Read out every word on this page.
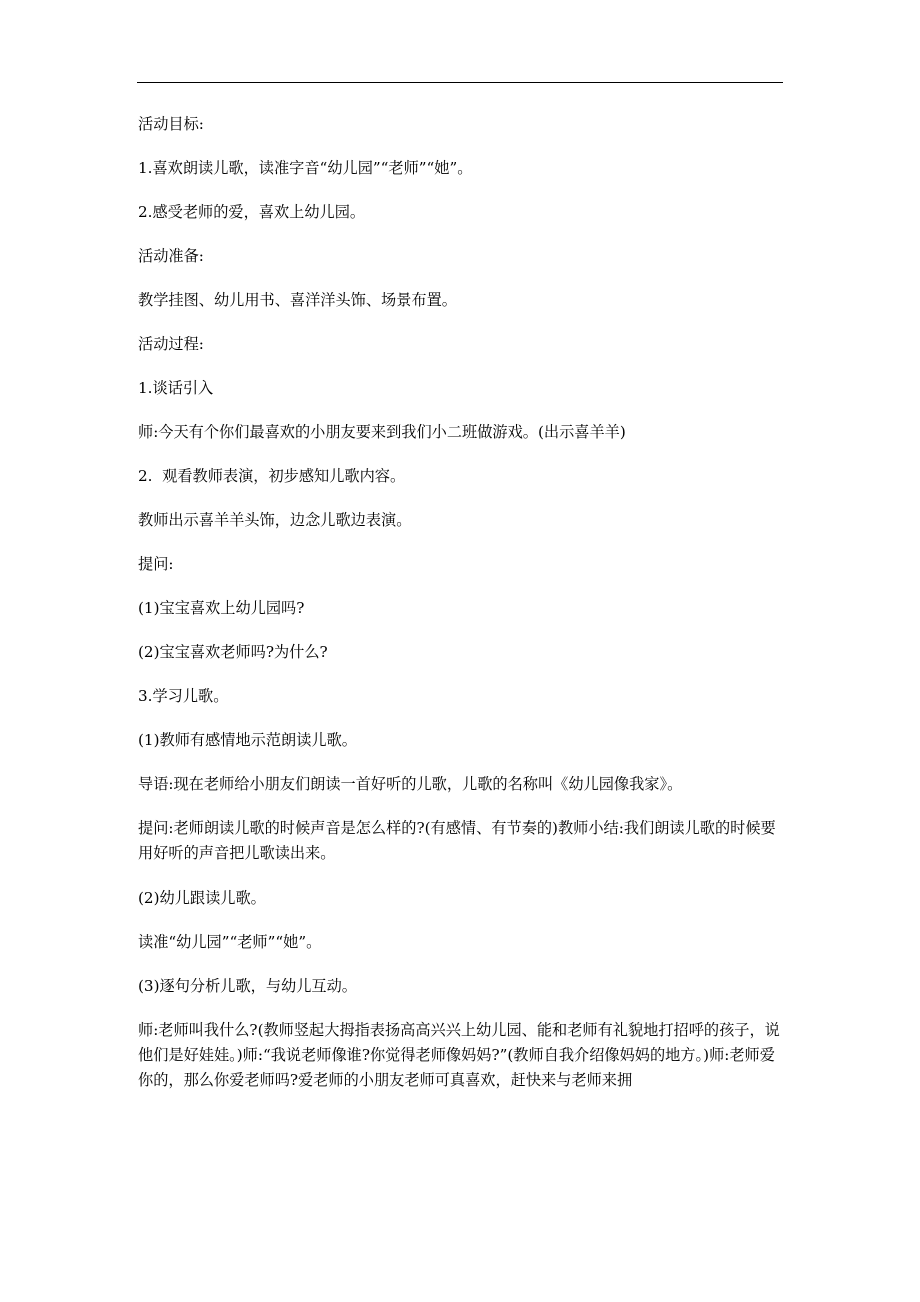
活动目标:

1.喜欢朗读儿歌，读准字音“幼儿园”“老师”“她”。

2.感受老师的爱，喜欢上幼儿园。

活动准备:

教学挂图、幼儿用书、喜洋洋头饰、场景布置。

活动过程:

1.谈话引入

师:今天有个你们最喜欢的小朋友要来到我们小二班做游戏。(出示喜羊羊)

2.  观看教师表演，初步感知儿歌内容。

教师出示喜羊羊头饰，边念儿歌边表演。

提问:

(1)宝宝喜欢上幼儿园吗?

(2)宝宝喜欢老师吗?为什么?

3.学习儿歌。

(1)教师有感情地示范朗读儿歌。

导语:现在老师给小朋友们朗读一首好听的儿歌，儿歌的名称叫《幼儿园像我家》。

提问:老师朗读儿歌的时候声音是怎么样的?(有感情、有节奏的)教师小结:我们朗读儿歌的时候要用好听的声音把儿歌读出来。

(2)幼儿跟读儿歌。

读准“幼儿园”“老师”“她”。

(3)逐句分析儿歌，与幼儿互动。

师:老师叫我什么?(教师竖起大拇指表扬高高兴兴上幼儿园、能和老师有礼貌地打招呼的孩子，说他们是好娃娃。)师:“我说老师像谁?你觉得老师像妈妈?”(教师自我介绍像妈妈的地方。)师:老师爱你的，那么你爱老师吗?爱老师的小朋友老师可真喜欢，赶快来与老师来拥
